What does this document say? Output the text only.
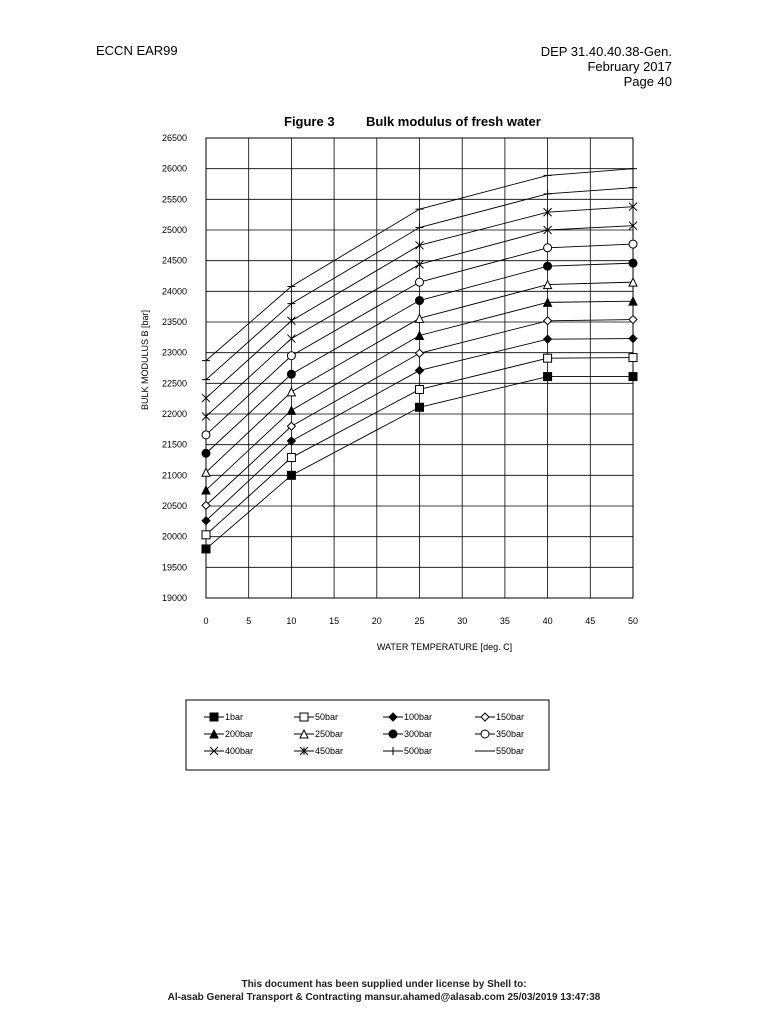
ECCN EAR99	DEP 31.40.40.38-Gen.
February 2017
Page 40
Figure 3 Bulk modulus of fresh water
0	5	10	15	20	25	30	35	40	45	50
19000
19500
20000
20500
21000
21500
22000
22500
23000
23500
24000
24500
25000
25500
26000
26500
WATER TEMPERATURE [deg. C]
BULK MODULUS B [bar]
1bar	50bar	100bar	150bar
200bar	250bar	300bar	350bar
400bar	450bar	500bar	550bar
This document has been supplied under license by Shell to:
Al-asab General Transport & Contracting mansur.ahamed@alasab.com 25/03/2019 13:47:38
